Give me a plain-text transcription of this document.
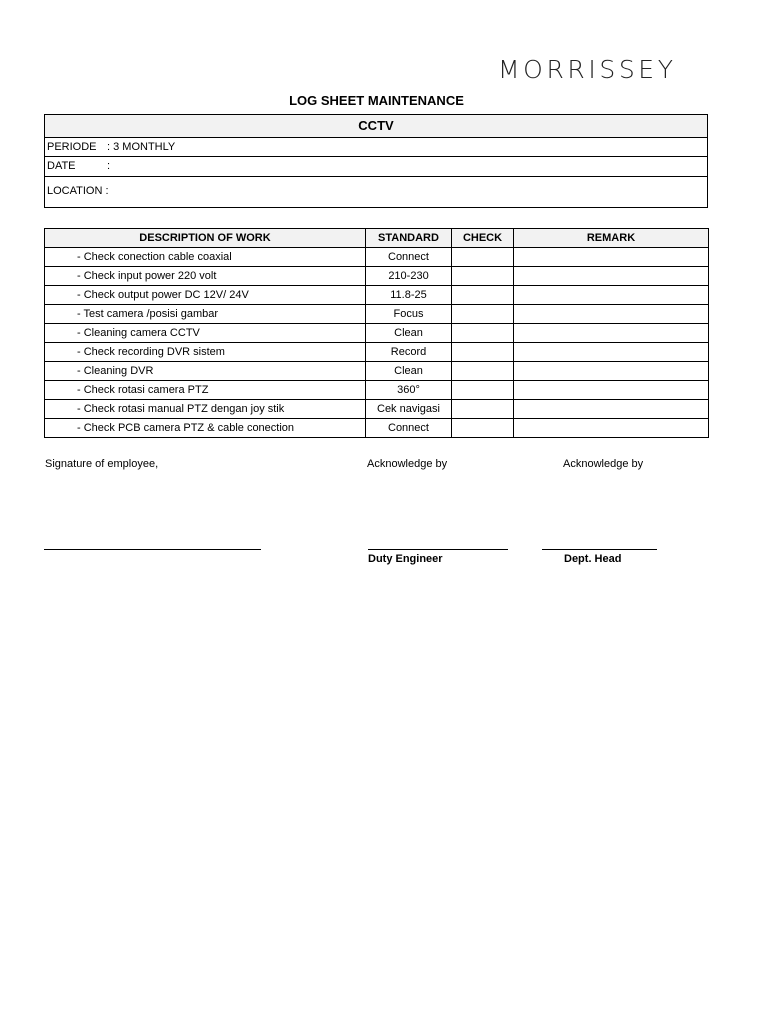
MORRISSEY
LOG SHEET MAINTENANCE
CCTV
PERIODE : 3 MONTHLY
DATE	:
LOCATION :
DESCRIPTION OF WORK	STANDARD	CHECK	REMARK
- Check conection cable coaxial	Connect		
- Check input power 220 volt	210-230		
- Check output power DC 12V/ 24V	11.8-25		
- Test camera /posisi gambar	Focus		
- Cleaning camera CCTV	Clean		
- Check recording DVR sistem	Record		
- Cleaning DVR	Clean		
- Check rotasi camera PTZ	360°		
- Check rotasi manual PTZ dengan joy stik	Cek navigasi		
- Check PCB camera PTZ & cable conection	Connect		
Signature of employee,	Acknowledge by	Acknowledge by
Duty Engineer	Dept. Head
